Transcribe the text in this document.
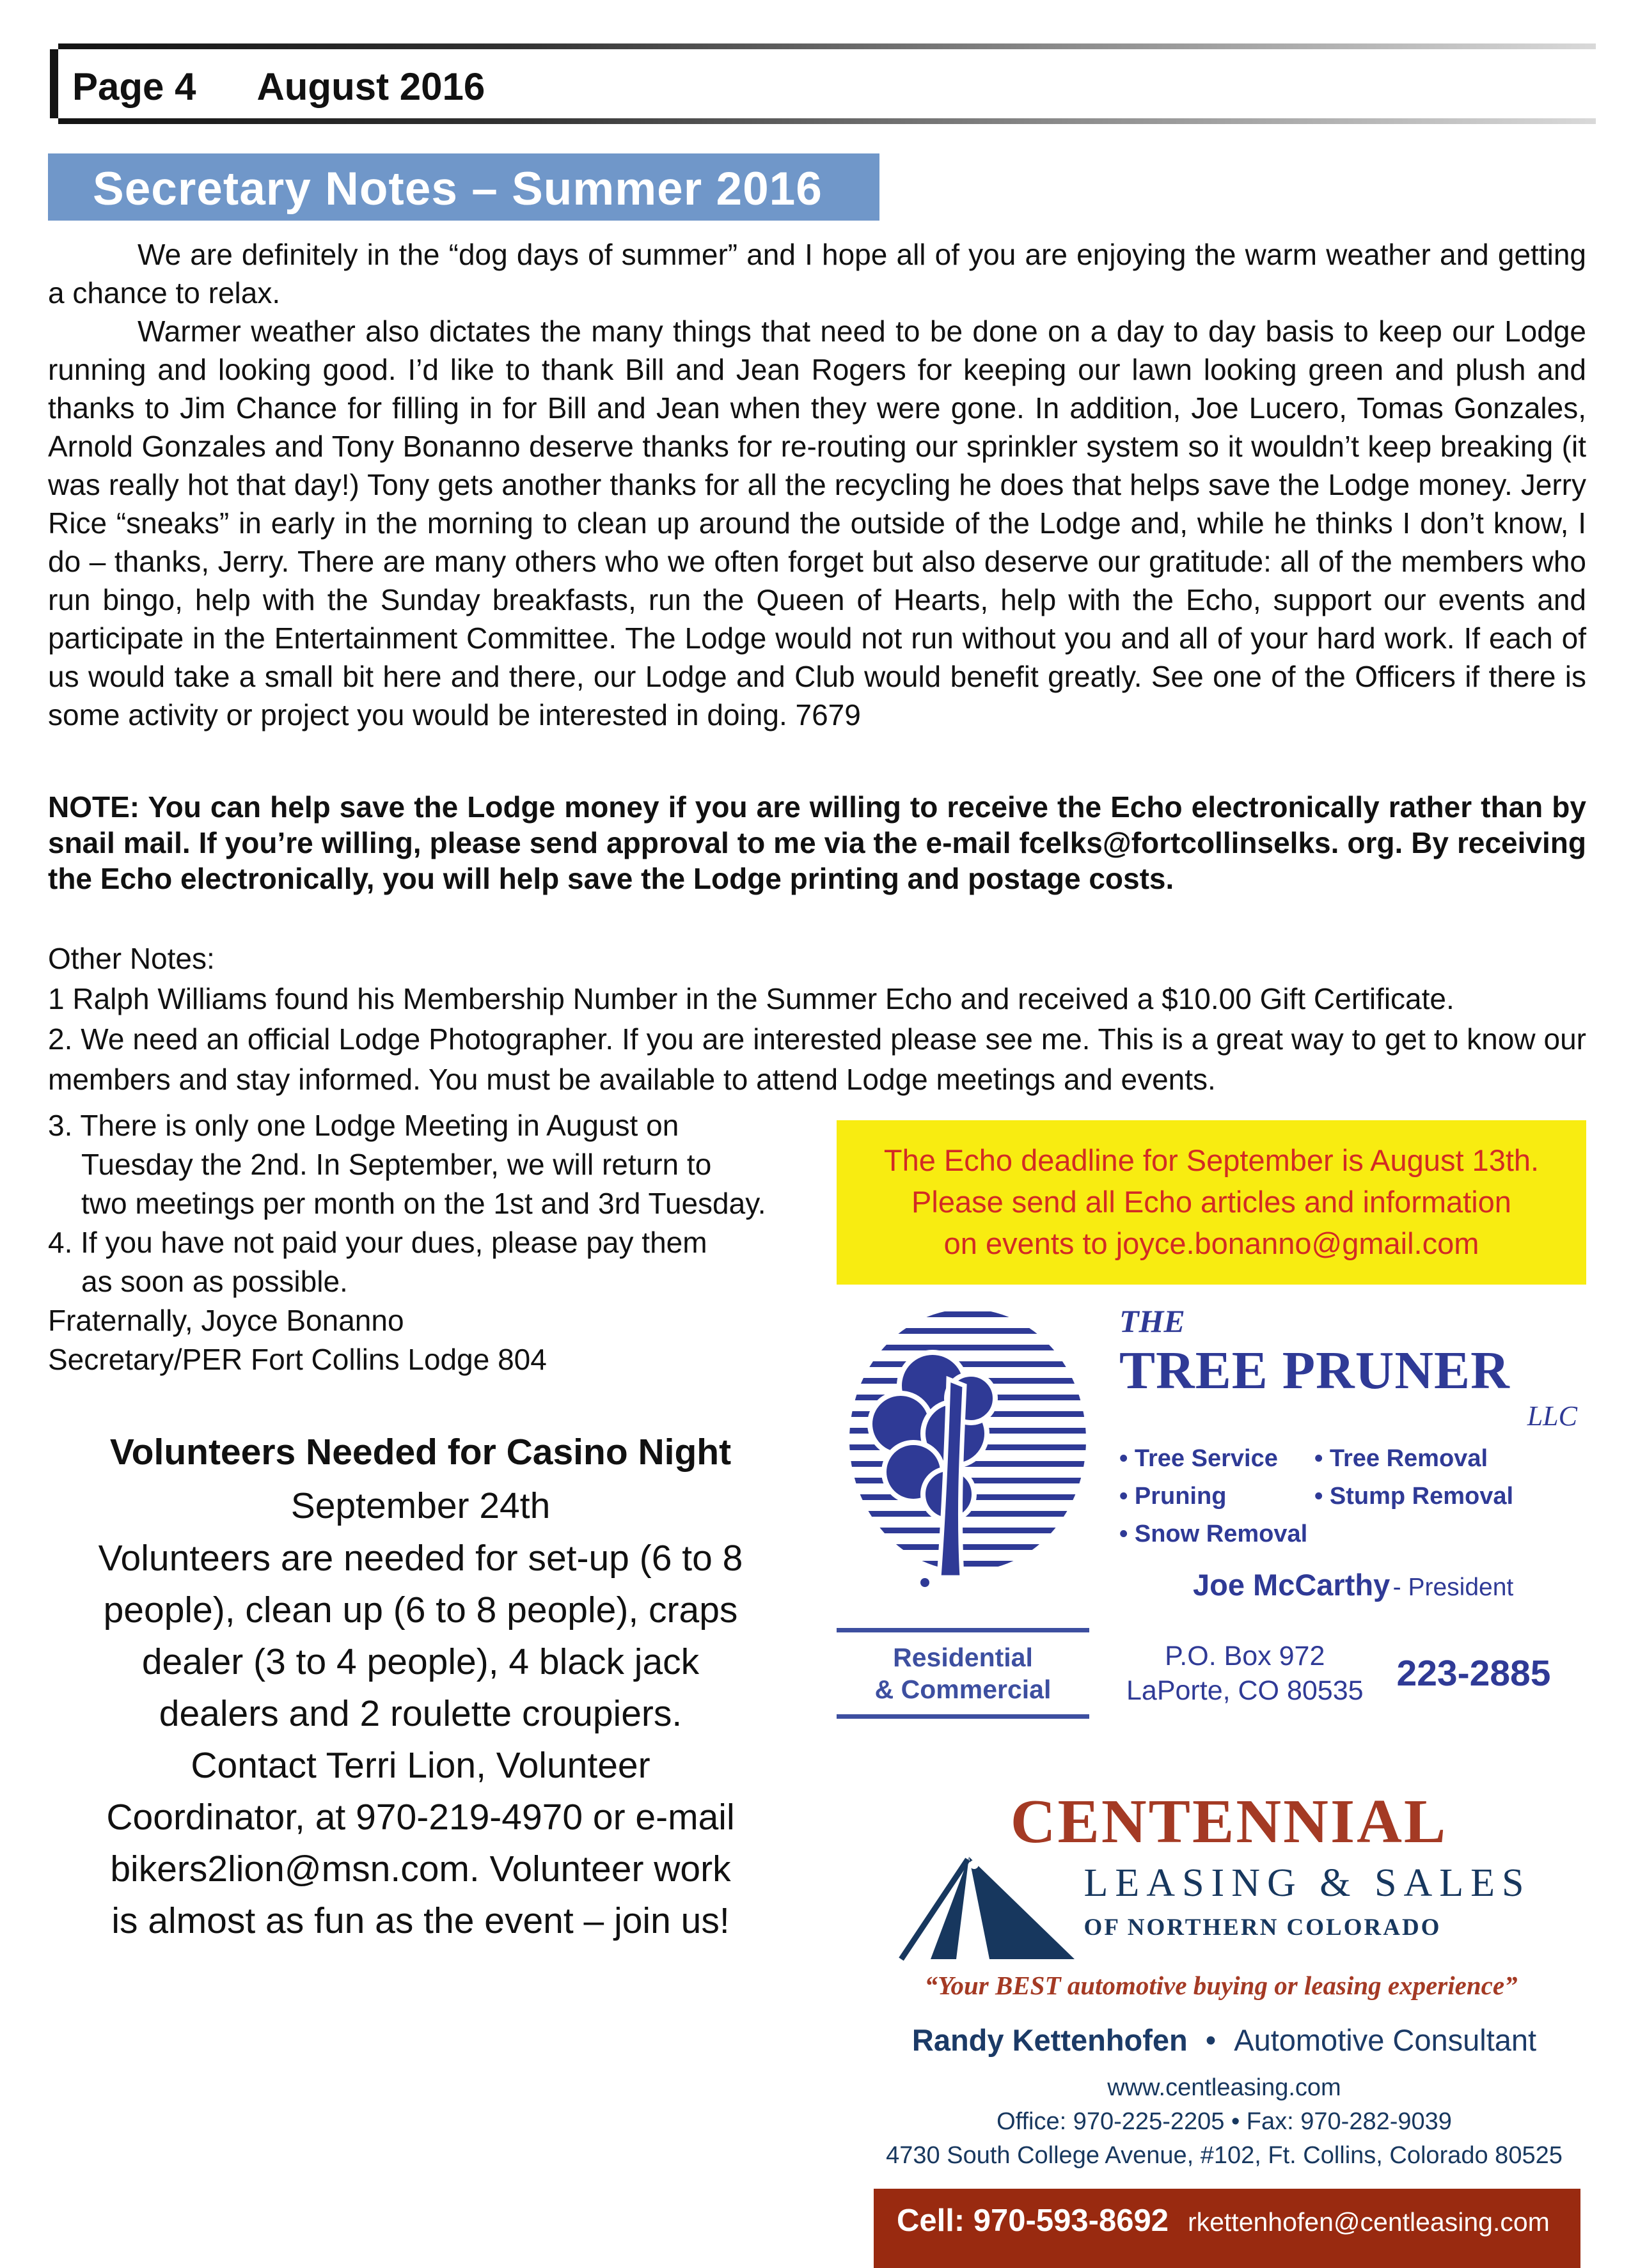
Page 4 August 2016
Secretary Notes – Summer 2016

We are definitely in the “dog days of summer” and I hope all of you are enjoying the warm weather and getting a chance to relax.

Warmer weather also dictates the many things that need to be done on a day to day basis to keep our Lodge running and looking good. I’d like to thank Bill and Jean Rogers for keeping our lawn looking green and plush and thanks to Jim Chance for filling in for Bill and Jean when they were gone. In addition, Joe Lucero, Tomas Gonzales, Arnold Gonzales and Tony Bonanno deserve thanks for re-routing our sprinkler system so it wouldn’t keep breaking (it was really hot that day!) Tony gets another thanks for all the recycling he does that helps save the Lodge money. Jerry Rice “sneaks” in early in the morning to clean up around the outside of the Lodge and, while he thinks I don’t know, I do – thanks, Jerry. There are many others who we often forget but also deserve our gratitude: all of the members who run bingo, help with the Sunday breakfasts, run the Queen of Hearts, help with the Echo, support our events and participate in the Entertainment Committee. The Lodge would not run without you and all of your hard work. If each of us would take a small bit here and there, our Lodge and Club would benefit greatly. See one of the Officers if there is some activity or project you would be interested in doing. 7679

NOTE: You can help save the Lodge money if you are willing to receive the Echo electronically rather than by snail mail. If you’re willing, please send approval to me via the e-mail fcelks@fortcollinselks. org. By receiving the Echo electronically, you will help save the Lodge printing and postage costs.

Other Notes:
1 Ralph Williams found his Membership Number in the Summer Echo and received a $10.00 Gift Certificate.
2. We need an official Lodge Photographer. If you are interested please see me. This is a great way to get to know our members and stay informed. You must be available to attend Lodge meetings and events.
3. There is only one Lodge Meeting in August on
Tuesday the 2nd. In September, we will return to
two meetings per month on the 1st and 3rd Tuesday.
4. If you have not paid your dues, please pay them
as soon as possible.
Fraternally, Joyce Bonanno
Secretary/PER Fort Collins Lodge 804
Volunteers Needed for Casino Night
September 24th
Volunteers are needed for set-up (6 to 8
people), clean up (6 to 8 people), craps
dealer (3 to 4 people), 4 black jack
dealers and 2 roulette croupiers.
Contact Terri Lion, Volunteer
Coordinator, at 970-219-4970 or e-mail
bikers2lion@msn.com. Volunteer work
is almost as fun as the event – join us!
The Echo deadline for September is August 13th.
Please send all Echo articles and information
on events to joyce.bonanno@gmail.com
THE
TREE PRUNER
LLC
• Tree Service	• Tree Removal
• Pruning	• Stump Removal
• Snow Removal
Joe McCarthy - President
Residential
& Commercial
P.O. Box 972
LaPorte, CO 80535 223-2885
CENTENNIAL
LEASING & SALES
OF NORTHERN COLORADO
“Your BEST automotive buying or leasing experience”
Randy Kettenhofen • Automotive Consultant
www.centleasing.com
Office: 970-225-2205 • Fax: 970-282-9039
4730 South College Avenue, #102, Ft. Collins, Colorado 80525
Cell: 970-593-8692 rkettenhofen@centleasing.com
